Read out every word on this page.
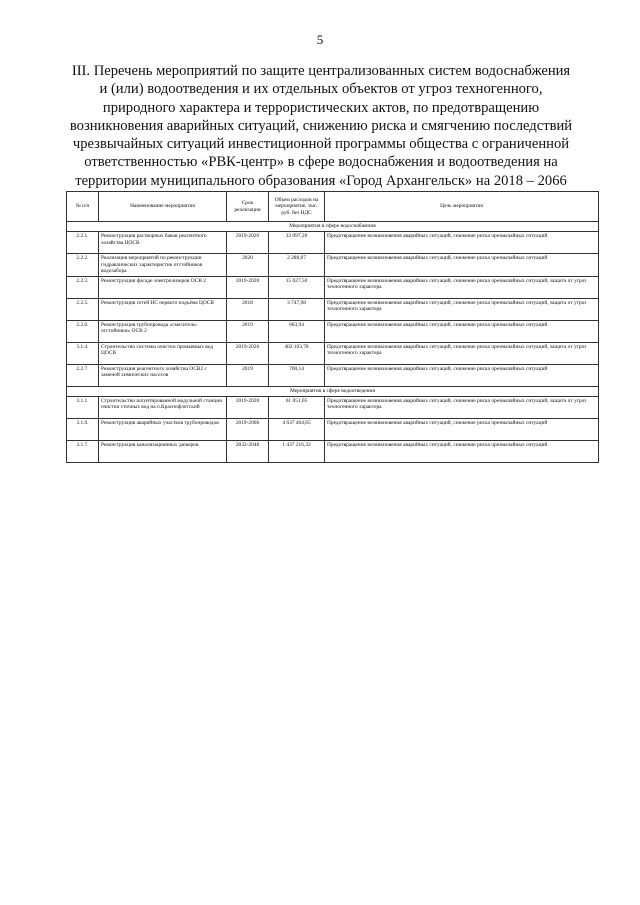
5
III. Перечень мероприятий по защите централизованных систем водоснабжения
и (или) водоотведения и их отдельных объектов от угроз техногенного,
природного характера и террористических актов, по предотвращению
возникновения аварийных ситуаций, снижению риска и смягчению последствий
чрезвычайных ситуаций инвестиционной программы общества с ограниченной
ответственностью «РВК-центр» в сфере водоснабжения и водоотведения на
территории муниципального образования «Город Архангельск» на 2018 – 2066
№ п/п	Наименование мероприятия	Срок реализации	Объем расходов на мероприятие, тыс. руб. без НДС	Цель мероприятия
Мероприятия в сфере водоснабжения				
2.2.1.	Реконструкция растворных баков реагентного хозяйства ЦОСВ	2019-2020	33 097,20	Предотвращение возникновения аварийных ситуаций, снижение риска чрезвычайных ситуаций
2.2.2.	Реализация мероприятий по реконструкции гидравлических характеристик отстойников водозабора	2020	2 288,87	Предотвращение возникновения аварийных ситуаций, снижение риска чрезвычайных ситуаций
2.2.3.	Реконструкция фасаде электролизеров ОСВ 2	2019-2020	15 027,50	Предотвращение возникновения аварийных ситуаций, снижение риска чрезвычайных ситуаций, защита от угроз техногенного характера
2.2.5.	Реконструкция сетей НС первого подъёма ЦОСВ	2018	3 747,98	Предотвращение возникновения аварийных ситуаций, снижение риска чрезвычайных ситуаций, защита от угроз техногенного характера
2.2.6.	Реконструкция трубопровода «смеситель-отстойники» ОСВ 2	2019	663,94	Предотвращение возникновения аварийных ситуаций, снижение риска чрезвычайных ситуаций
3.1.4.	Строительство системы очистки промывных вод ЦОСВ	2019-2026	402 103,78	Предотвращение возникновения аварийных ситуаций, снижение риска чрезвычайных ситуаций, защита от угроз техногенного характера
2.2.7.	Реконструкция реагентного хозяйства ОСВ2 с заменой химических насосов	2019	700,14	Предотвращение возникновения аварийных ситуаций, снижение риска чрезвычайных ситуаций
Мероприятия в сфере водоотведения				
3.1.1.	Строительство шпунтированной модульной станции очистки сточных вод на о.Краснофлотский	2019-2020	61 051,05	Предотвращение возникновения аварийных ситуаций, снижение риска чрезвычайных ситуаций, защита от угроз техногенного характера
3.1.6.	Реконструкция аварийных участков трубопроводов	2019-2066	4 637 464,65	Предотвращение возникновения аварийных ситуаций, снижение риска чрезвычайных ситуаций
3.1.7.	Реконструкция канализационных дюкеров	2032-2048	1 437 216,32	Предотвращение возникновения аварийных ситуаций, снижение риска чрезвычайных ситуаций
